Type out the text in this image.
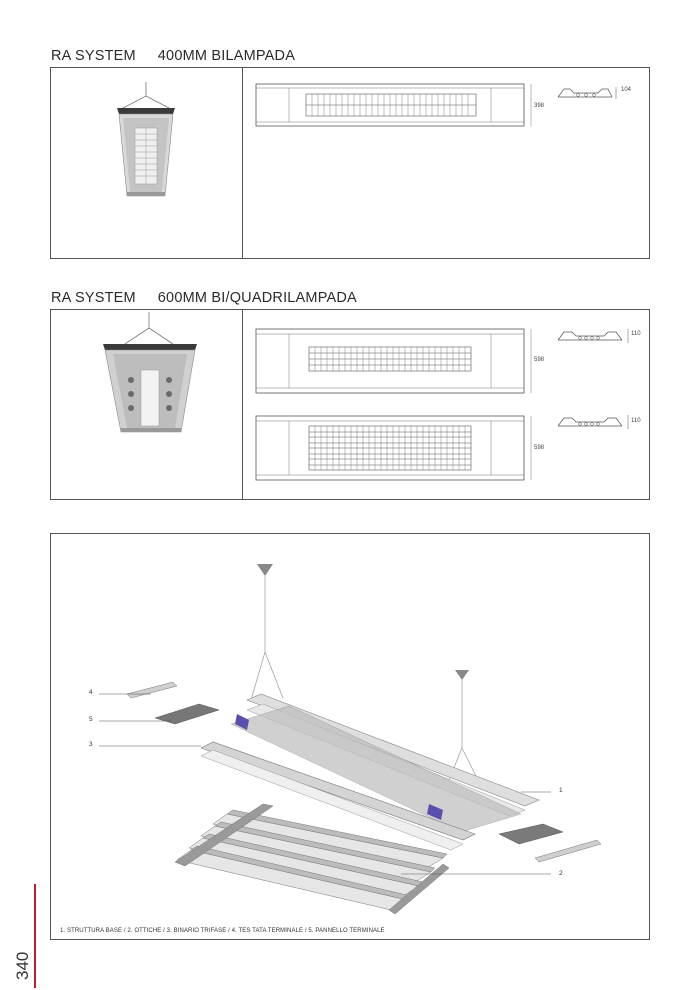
RA SYSTEM 400MM BILAMPADA
398
104
RA SYSTEM 600MM BI/QUADRILAMPADA
598
110
598
110
4
5
3
1
2
1. STRUTTURA BASE / 2. OTTICHE / 3. BINARIO TRIFASE / 4. TES TATA TERMINALE / 5. PANNELLO TERMINALE
340
